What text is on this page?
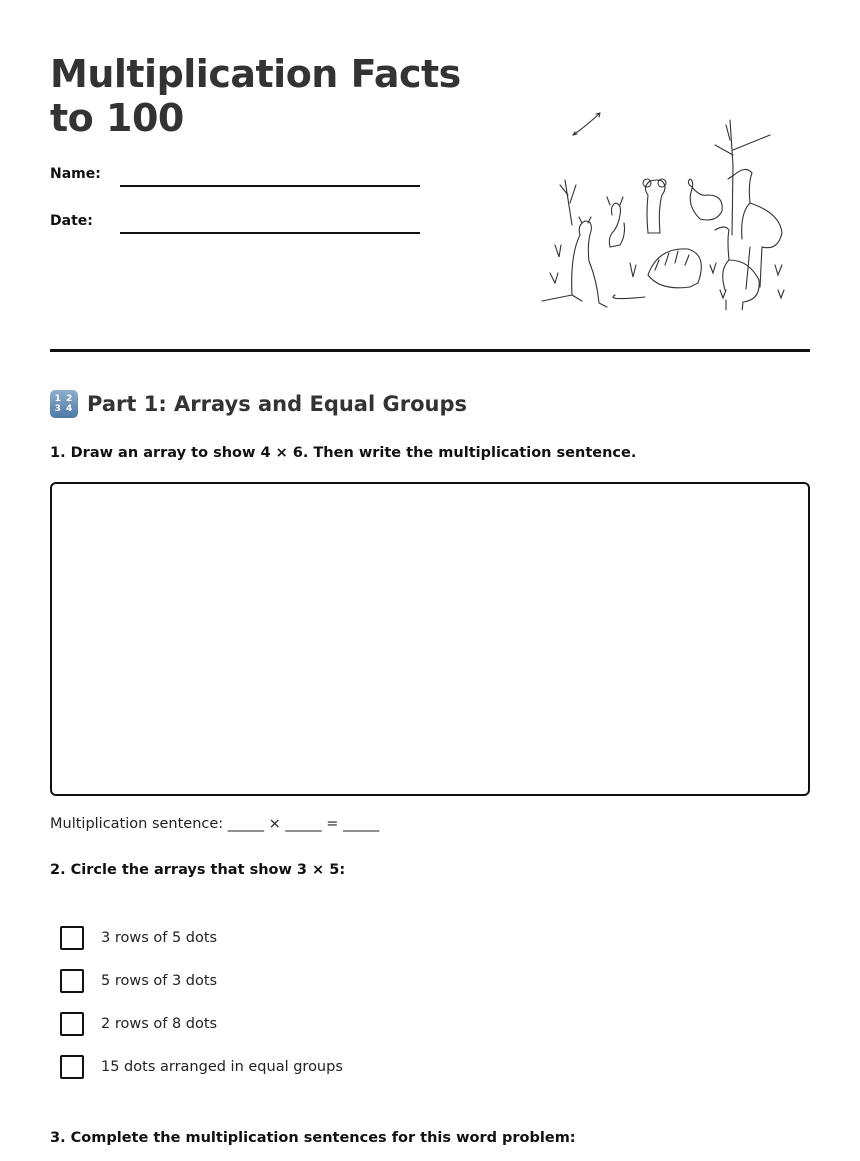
Multiplication Facts to 100
Name:
Date:
1 2
3 4 Part 1: Arrays and Equal Groups
1. Draw an array to show 4 × 6. Then write the multiplication sentence.
Multiplication sentence: _____ × _____ = _____
2. Circle the arrays that show 3 × 5:
3 rows of 5 dots
5 rows of 3 dots
2 rows of 8 dots
15 dots arranged in equal groups
3. Complete the multiplication sentences for this word problem:
